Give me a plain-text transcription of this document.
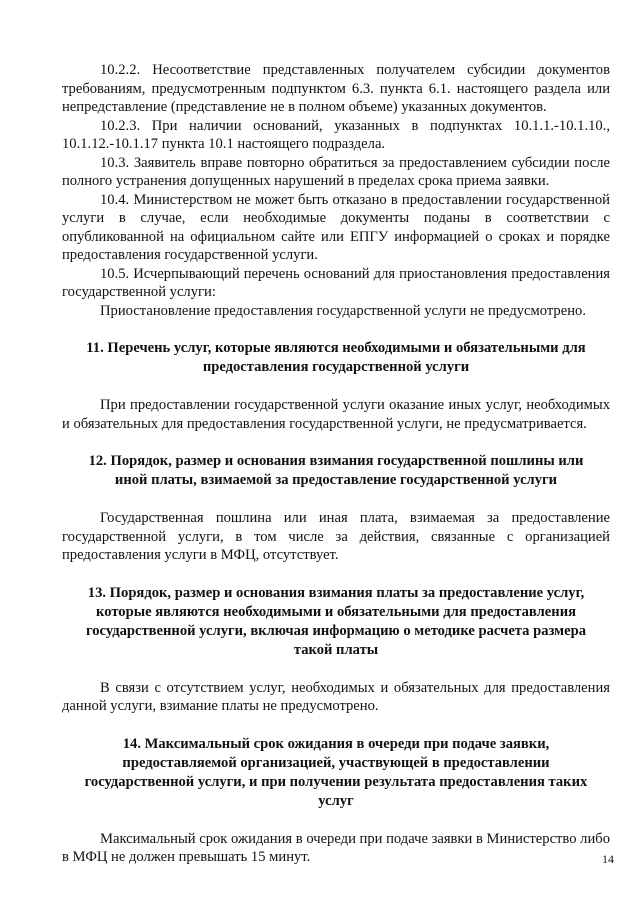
10.2.2. Несоответствие представленных получателем субсидии документов требованиям, предусмотренным подпунктом 6.3. пункта 6.1. настоящего раздела или непредставление (представление не в полном объеме) указанных документов.

10.2.3. При наличии оснований, указанных в подпунктах 10.1.1.-10.1.10., 10.1.12.-10.1.17 пункта 10.1 настоящего подраздела.

10.3. Заявитель вправе повторно обратиться за предоставлением субсидии после полного устранения допущенных нарушений в пределах срока приема заявки.

10.4. Министерством не может быть отказано в предоставлении государственной услуги в случае, если необходимые документы поданы в соответствии с опубликованной на официальном сайте или ЕПГУ информацией о сроках и порядке предоставления государственной услуги.

10.5. Исчерпывающий перечень оснований для приостановления предоставления государственной услуги:

Приостановление предоставления государственной услуги не предусмотрено.

11. Перечень услуг, которые являются необходимыми и обязательными для предоставления государственной услуги

При предоставлении государственной услуги оказание иных услуг, необходимых и обязательных для предоставления государственной услуги, не предусматривается.

12. Порядок, размер и основания взимания государственной пошлины или иной платы, взимаемой за предоставление государственной услуги

Государственная пошлина или иная плата, взимаемая за предоставление государственной услуги, в том числе за действия, связанные с организацией предоставления услуги в МФЦ, отсутствует.

13. Порядок, размер и основания взимания платы за предоставление услуг, которые являются необходимыми и обязательными для предоставления государственной услуги, включая информацию о методике расчета размера такой платы

В связи с отсутствием услуг, необходимых и обязательных для предоставления данной услуги, взимание платы не предусмотрено.

14. Максимальный срок ожидания в очереди при подаче заявки, предоставляемой организацией, участвующей в предоставлении государственной услуги, и при получении результата предоставления таких услуг

Максимальный срок ожидания в очереди при подаче заявки в Министерство либо в МФЦ не должен превышать 15 минут.	14
